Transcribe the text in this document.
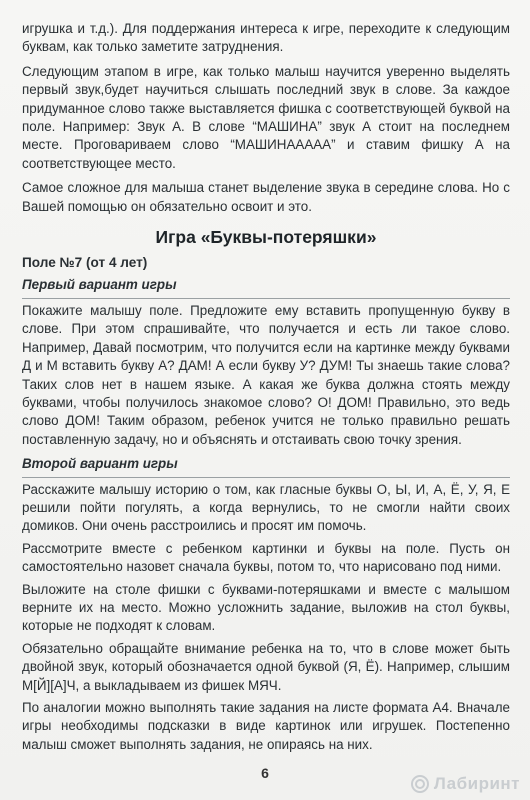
игрушка и т.д.). Для поддержания интереса к игре, переходите к следующим буквам, как только заметите затруднения.

Следующим этапом в игре, как только малыш научится уверенно выделять первый звук,будет научиться слышать последний звук в слове. За каждое придуманное слово также выставляется фишка с соответствующей буквой на поле. Например: Звук А. В слове “МАШИНА” звук А стоит на последнем месте. Проговариваем слово “МАШИНААААА” и ставим фишку А на соответствующее место.

Самое сложное для малыша станет выделение звука в середине слова. Но с Вашей помощью он обязательно освоит и это.

Игра «Буквы-потеряшки»
Поле №7 (от 4 лет)
Первый вариант игры

Покажите малышу поле. Предложите ему вставить пропущенную букву в слове. При этом спрашивайте, что получается и есть ли такое слово. Например, Давай посмотрим, что получится если на картинке между буквами Д и М вставить букву А? ДАМ! А если букву У? ДУМ! Ты знаешь такие слова? Таких слов нет в нашем языке. А какая же буква должна стоять между буквами, чтобы получилось знакомое слово? О! ДОМ! Правильно, это ведь слово ДОМ! Таким образом, ребенок учится не только правильно решать поставленную задачу, но и объяснять и отстаивать свою точку зрения.

Второй вариант игры

Расскажите малышу историю о том, как гласные буквы О, Ы, И, А, Ё, У, Я, Е решили пойти погулять, а когда вернулись, то не смогли найти своих домиков. Они очень расстроились и просят им помочь.

Рассмотрите вместе с ребенком картинки и буквы на поле. Пусть он самостоятельно назовет сначала буквы, потом то, что нарисовано под ними.

Выложите на столе фишки с буквами-потеряшками и вместе с малышом верните их на место. Можно усложнить задание, выложив на стол буквы, которые не подходят к словам.

Обязательно обращайте внимание ребенка на то, что в слове может быть двойной звук, который обозначается одной буквой (Я, Ё). Например, слышим М[Й][А]Ч, а выкладываем из фишек МЯЧ.

По аналогии можно выполнять такие задания на листе формата А4. Вначале игры необходимы подсказки в виде картинок или игрушек. Постепенно малыш сможет выполнять задания, не опираясь на них.

6
Лабиринт
